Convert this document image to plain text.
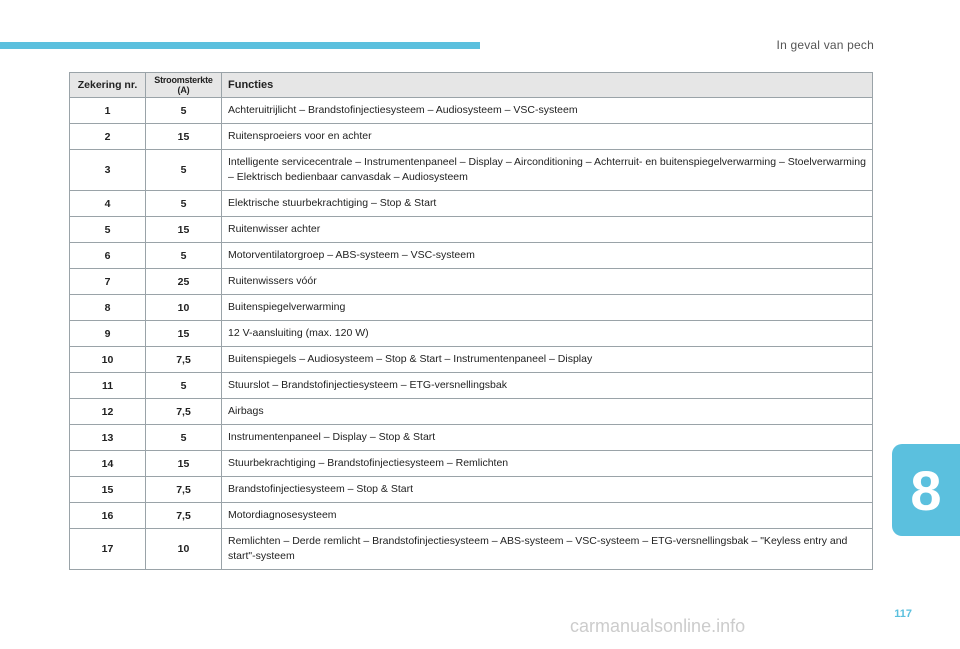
In geval van pech
Zekering nr.	Stroomsterkte (A)	Functies
1	5	Achteruitrijlicht – Brandstofinjectiesysteem – Audiosysteem – VSC-systeem
2	15	Ruitensproeiers voor en achter
3	5	Intelligente servicecentrale – Instrumentenpaneel – Display – Airconditioning – Achterruit- en buitenspiegelverwarming – Stoelverwarming – Elektrisch bedienbaar canvasdak – Audiosysteem
4	5	Elektrische stuurbekrachtiging – Stop & Start
5	15	Ruitenwisser achter
6	5	Motorventilatorgroep – ABS-systeem – VSC-systeem
7	25	Ruitenwissers vóór
8	10	Buitenspiegelverwarming
9	15	12 V-aansluiting (max. 120 W)
10	7,5	Buitenspiegels – Audiosysteem – Stop & Start – Instrumentenpaneel – Display
11	5	Stuurslot – Brandstofinjectiesysteem – ETG-versnellingsbak
12	7,5	Airbags
13	5	Instrumentenpaneel – Display – Stop & Start
14	15	Stuurbekrachtiging – Brandstofinjectiesysteem – Remlichten
15	7,5	Brandstofinjectiesysteem – Stop & Start
16	7,5	Motordiagnosesysteem
17	10	Remlichten – Derde remlicht – Brandstofinjectiesysteem – ABS-systeem – VSC-systeem – ETG-versnellingsbak – "Keyless entry and start"-systeem
8
117
carmanualsonline.info
